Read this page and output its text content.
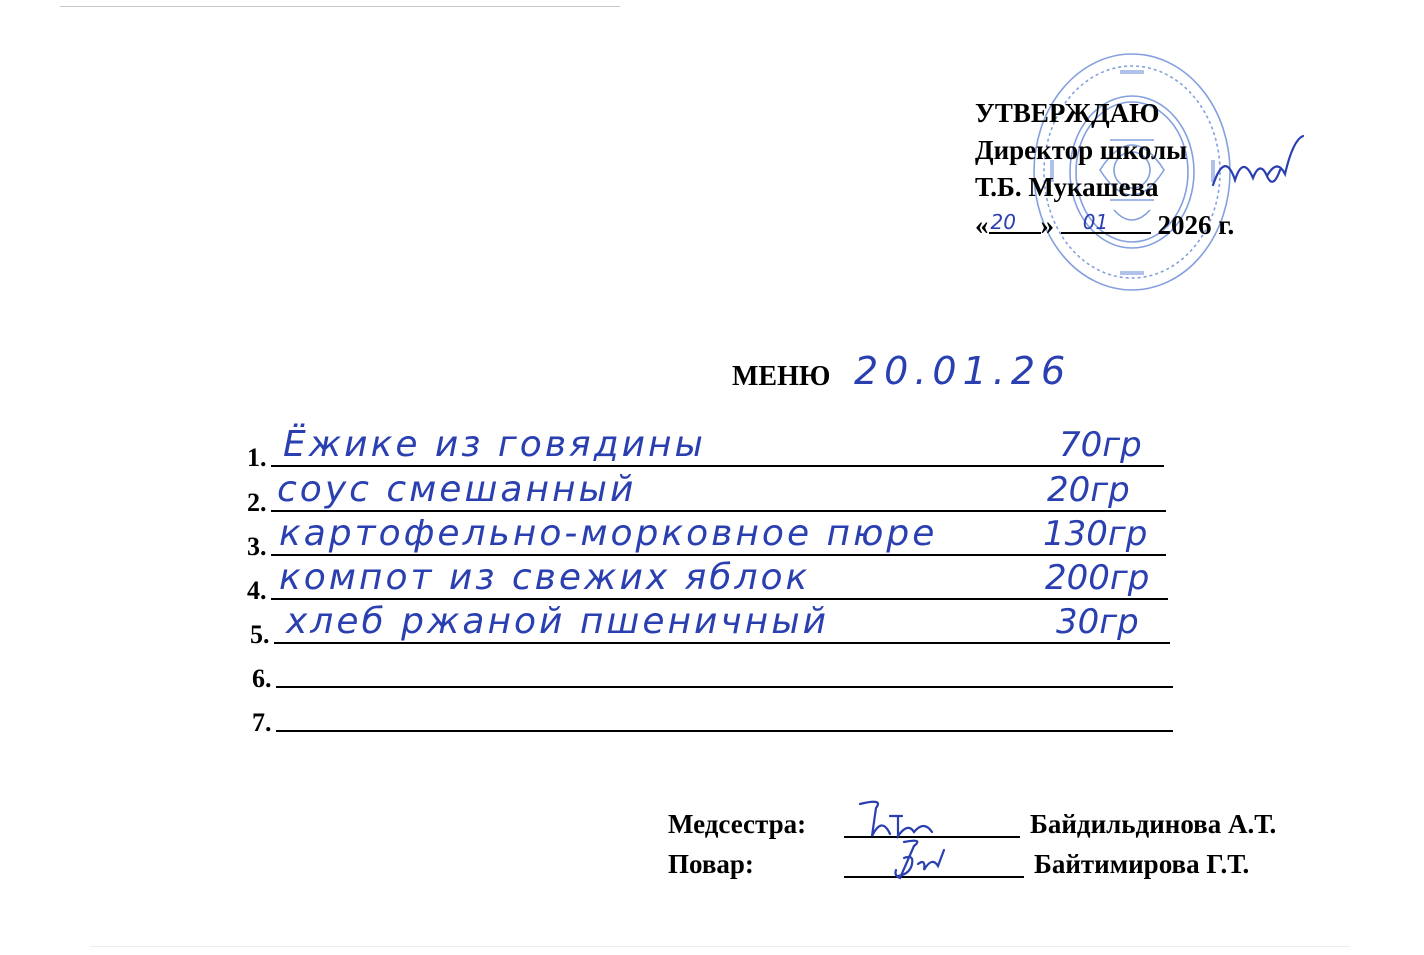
УТВЕРЖДАЮ
Директор школы
Т.Б. Мукашева
« 20 » 01 2026 г.
МЕНЮ 20.01.26
1. Ёжике из говядины	70гр
2. соус смешанный	20гр
3. картофельно-морковное пюре	130гр
4. компот из свежих яблок	200гр
5. хлеб ржаной пшеничный	30гр
6.
7.
Медсестра:	Байдильдинова А.Т.
Повар:	Байтимирова Г.Т.
